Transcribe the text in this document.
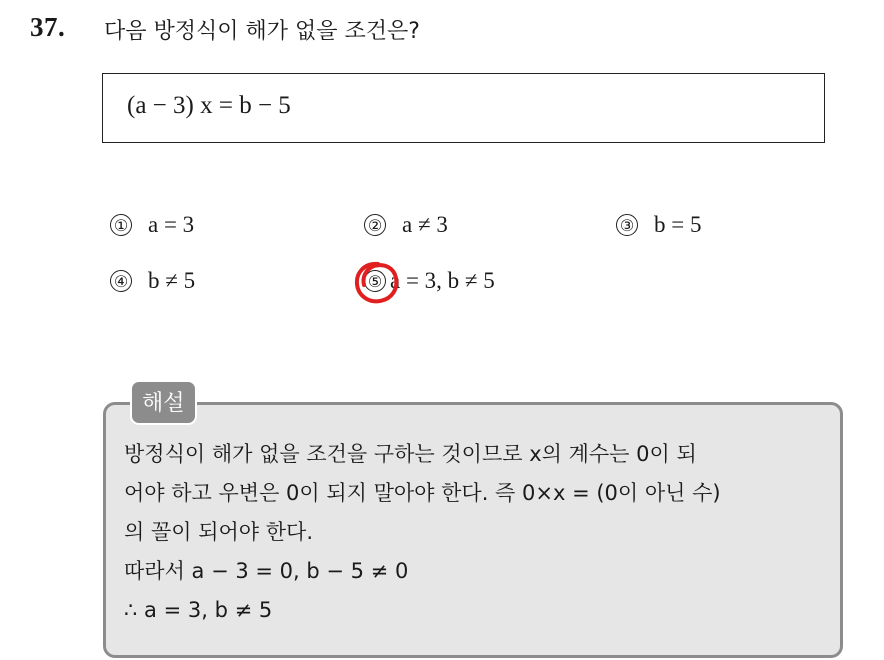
37. 다음 방정식이 해가 없을 조건은?
(a − 3) x = b − 5
① a = 3	② a ≠ 3	③ b = 5
④ b ≠ 5	⑤ a = 3, b ≠ 5
해설
방정식이 해가 없을 조건을 구하는 것이므로 x의 계수는 0이 되
어야 하고 우변은 0이 되지 말아야 한다. 즉 0×x = (0이 아닌 수)
의 꼴이 되어야 한다.
따라서 a − 3 = 0, b − 5 ≠ 0
∴ a = 3, b ≠ 5
